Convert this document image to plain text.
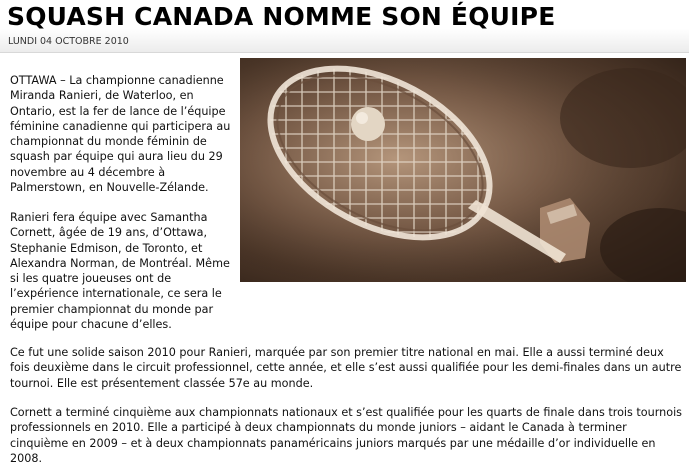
SQUASH CANADA NOMME SON ÉQUIPE
LUNDI 04 OCTOBRE 2010

OTTAWA – La championne canadienne Miranda Ranieri, de Waterloo, en Ontario, est la fer de lance de l’équipe féminine canadienne qui participera au championnat du monde féminin de squash par équipe qui aura lieu du 29 novembre au 4 décembre à Palmerstown, en Nouvelle-Zélande.

Ranieri fera équipe avec Samantha Cornett, âgée de 19 ans, d’Ottawa, Stephanie Edmison, de Toronto, et Alexandra Norman, de Montréal. Même si les quatre joueuses ont de l’expérience internationale, ce sera le premier championnat du monde par équipe pour chacune d’elles.

Ce fut une solide saison 2010 pour Ranieri, marquée par son premier titre national en mai. Elle a aussi terminé deux fois deuxième dans le circuit professionnel, cette année, et elle s’est aussi qualifiée pour les demi-finales dans un autre tournoi. Elle est présentement classée 57e au monde.

Cornett a terminé cinquième aux championnats nationaux et s’est qualifiée pour les quarts de finale dans trois tournois professionnels en 2010. Elle a participé à deux championnats du monde juniors – aidant le Canada à terminer cinquième en 2009 – et à deux championnats panaméricains juniors marqués par une médaille d’or individuelle en 2008.
